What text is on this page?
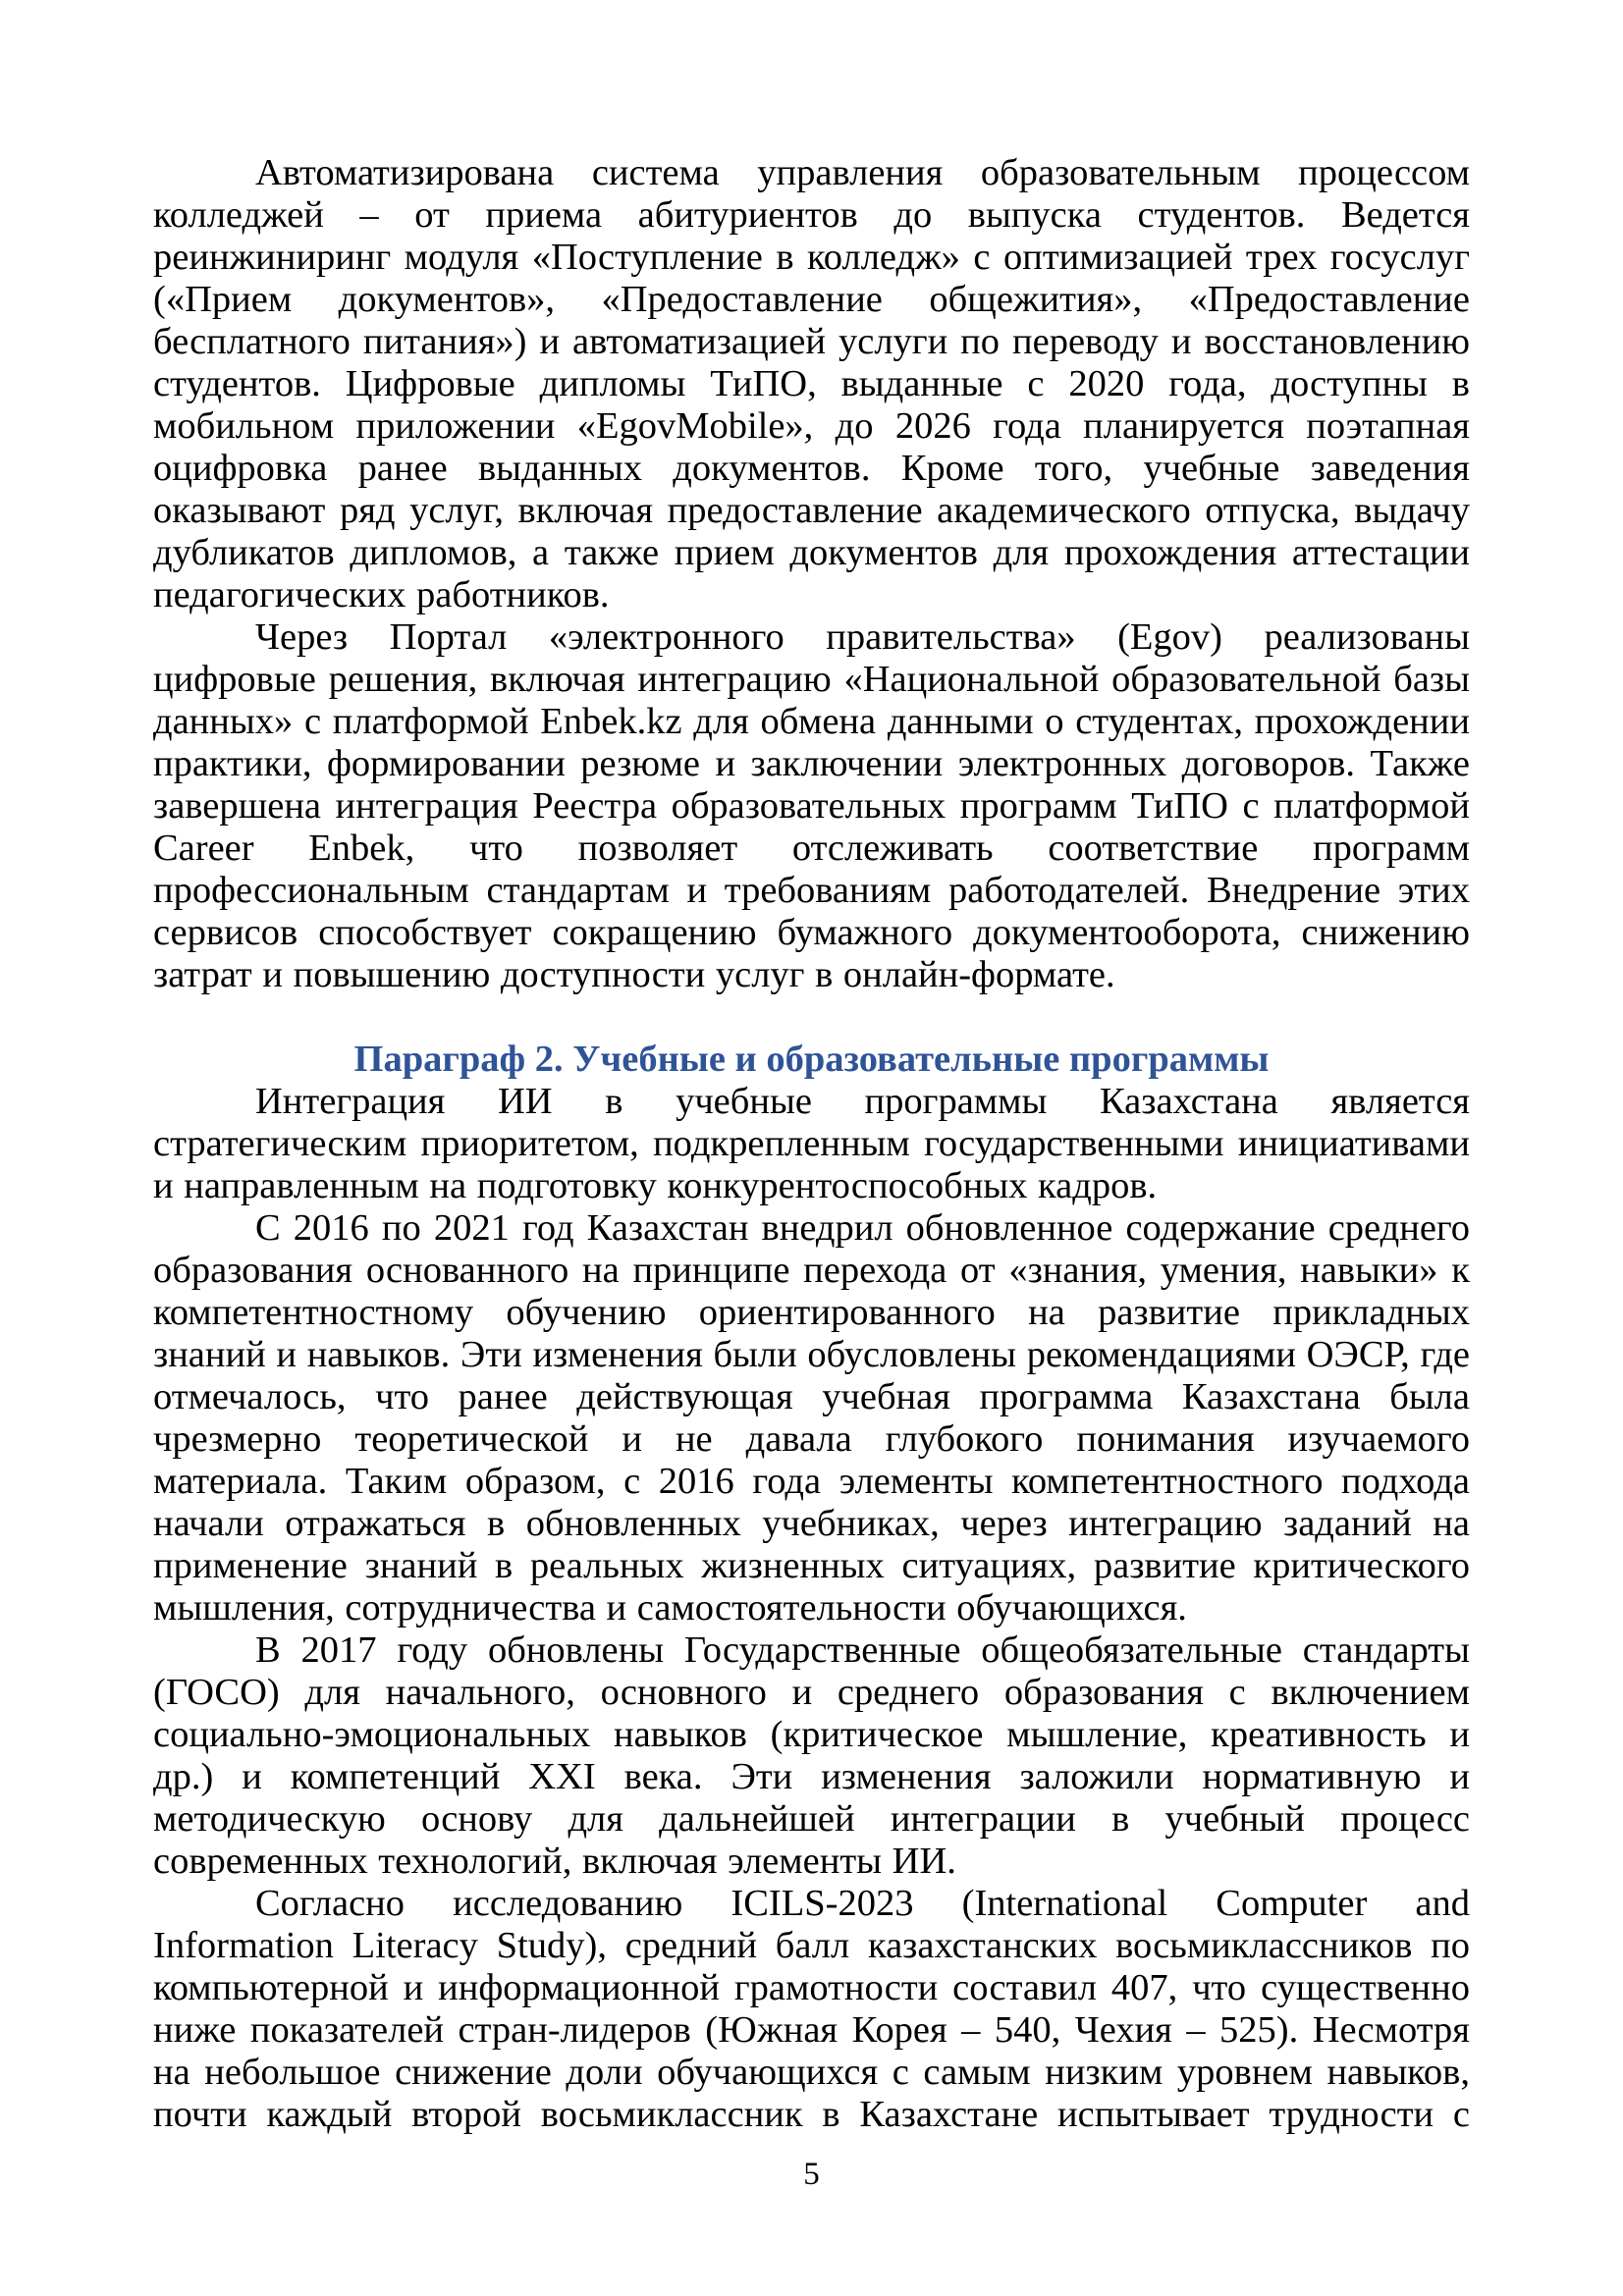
Автоматизирована система управления образовательным процессом колледжей – от приема абитуриентов до выпуска студентов. Ведется реинжиниринг модуля «Поступление в колледж» с оптимизацией трех госуслуг («Прием документов», «Предоставление общежития», «Предоставление бесплатного питания») и автоматизацией услуги по переводу и восстановлению студентов. Цифровые дипломы ТиПО, выданные с 2020 года, доступны в мобильном приложении «EgovMobile», до 2026 года планируется поэтапная оцифровка ранее выданных документов. Кроме того, учебные заведения оказывают ряд услуг, включая предоставление академического отпуска, выдачу дубликатов дипломов, а также прием документов для прохождения аттестации педагогических работников.

Через Портал «электронного правительства» (Egov) реализованы цифровые решения, включая интеграцию «Национальной образовательной базы данных» с платформой Enbek.kz для обмена данными о студентах, прохождении практики, формировании резюме и заключении электронных договоров. Также завершена интеграция Реестра образовательных программ ТиПО с платформой Career Enbek, что позволяет отслеживать соответствие программ профессиональным стандартам и требованиям работодателей. Внедрение этих сервисов способствует сокращению бумажного документооборота, снижению затрат и повышению доступности услуг в онлайн-формате.

Параграф 2. Учебные и образовательные программы

Интеграция ИИ в учебные программы Казахстана является стратегическим приоритетом, подкрепленным государственными инициативами и направленным на подготовку конкурентоспособных кадров.

С 2016 по 2021 год Казахстан внедрил обновленное содержание среднего образования основанного на принципе перехода от «знания, умения, навыки» к компетентностному обучению ориентированного на развитие прикладных знаний и навыков. Эти изменения были обусловлены рекомендациями ОЭСР, где отмечалось, что ранее действующая учебная программа Казахстана была чрезмерно теоретической и не давала глубокого понимания изучаемого материала. Таким образом, с 2016 года элементы компетентностного подхода начали отражаться в обновленных учебниках, через интеграцию заданий на применение знаний в реальных жизненных ситуациях, развитие критического мышления, сотрудничества и самостоятельности обучающихся.

В 2017 году обновлены Государственные общеобязательные стандарты (ГОСО) для начального, основного и среднего образования с включением социально-эмоциональных навыков (критическое мышление, креативность и др.) и компетенций XXI века. Эти изменения заложили нормативную и методическую основу для дальнейшей интеграции в учебный процесс современных технологий, включая элементы ИИ.

Согласно исследованию ICILS-2023 (International Computer and Information Literacy Study), средний балл казахстанских восьмиклассников по компьютерной и информационной грамотности составил 407, что существенно ниже показателей стран-лидеров (Южная Корея – 540, Чехия – 525). Несмотря на небольшое снижение доли обучающихся с самым низким уровнем навыков, почти каждый второй восьмиклассник в Казахстане испытывает трудности с

5
